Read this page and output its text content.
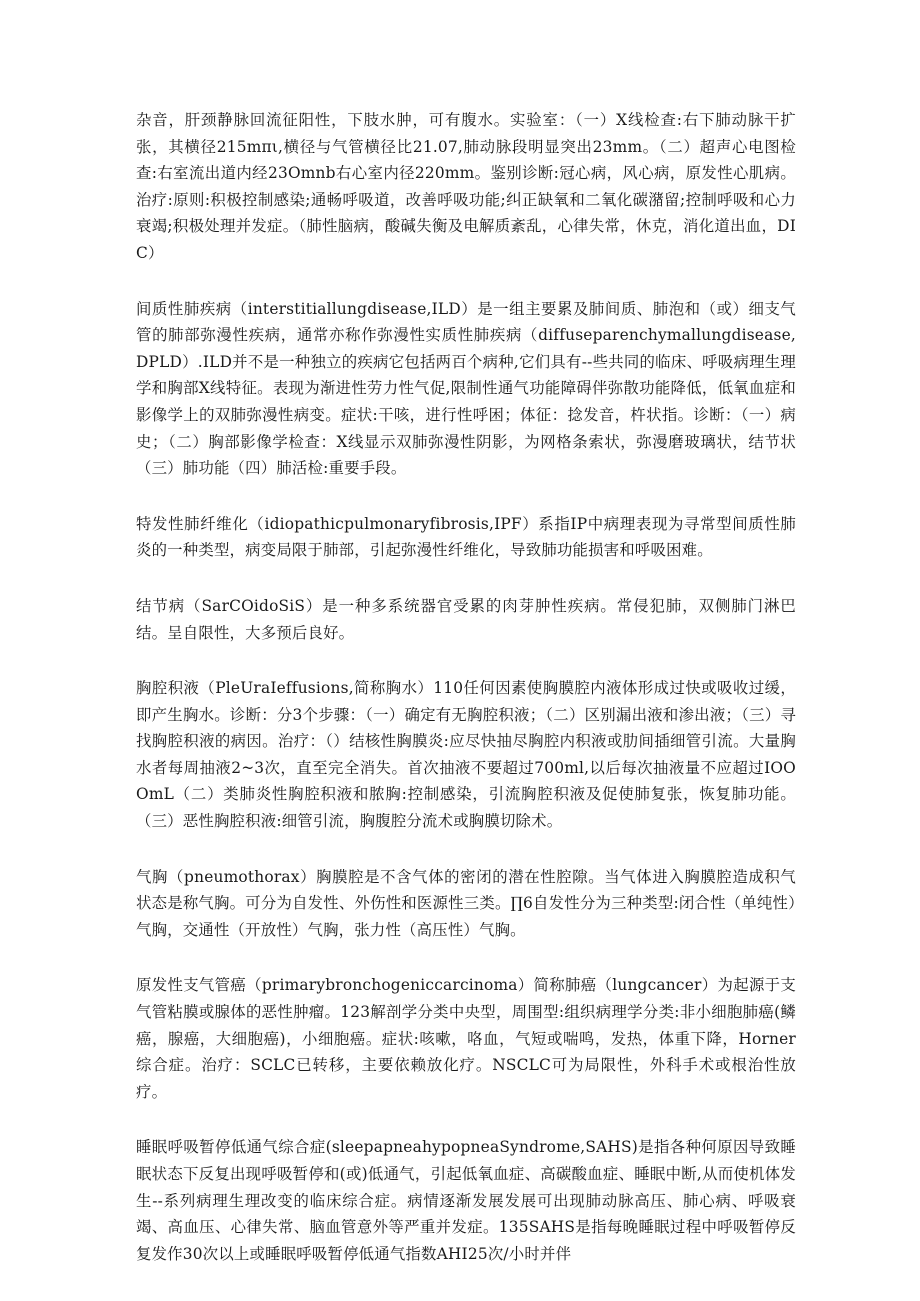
杂音，肝颈静脉回流征阳性，下肢水肿，可有腹水。实验室：（一）X线检查:右下肺动脉干扩张，其横径215mπι,横径与气管横径比21.07,肺动脉段明显突出23mm。（二）超声心电图检查:右室流出道内经23Omnb右心室内径220mm。鉴别诊断:冠心病，风心病，原发性心肌病。治疗:原则:积极控制感染;通畅呼吸道，改善呼吸功能;纠正缺氧和二氧化碳潴留;控制呼吸和心力衰竭;积极处理并发症。（肺性脑病，酸碱失衡及电解质紊乱，心律失常，休克，消化道出血，DIC）

间质性肺疾病（interstitiallungdisease,ILD）是一组主要累及肺间质、肺泡和（或）细支气管的肺部弥漫性疾病，通常亦称作弥漫性实质性肺疾病（diffuseparenchymallungdisease,DPLD）.ILD并不是一种独立的疾病它包括两百个病种,它们具有--些共同的临床、呼吸病理生理学和胸部X线特征。表现为渐进性劳力性气促,限制性通气功能障碍伴弥散功能降低，低氧血症和影像学上的双肺弥漫性病变。症状:干咳，进行性呼困；体征：捻发音，杵状指。诊断：（一）病史；（二）胸部影像学检查：X线显示双肺弥漫性阴影，为网格条索状，弥漫磨玻璃状，结节状（三）肺功能（四）肺活检:重要手段。

特发性肺纤维化（idiopathicpulmonaryfibrosis,IPF）系指IP中病理表现为寻常型间质性肺炎的一种类型，病变局限于肺部，引起弥漫性纤维化，导致肺功能损害和呼吸困难。

结节病（SarCOidoSiS）是一种多系统器官受累的肉芽肿性疾病。常侵犯肺，双侧肺门淋巴结。呈自限性，大多预后良好。

胸腔积液（PleUraIeffusions,简称胸水）110任何因素使胸膜腔内液体形成过快或吸收过缓，即产生胸水。诊断：分3个步骤：（一）确定有无胸腔积液；（二）区别漏出液和渗出液；（三）寻找胸腔积液的病因。治疗：（）结核性胸膜炎:应尽快抽尽胸腔内积液或肋间插细管引流。大量胸水者每周抽液2~3次，直至完全消失。首次抽液不要超过700ml,以后每次抽液量不应超过IOOOmL（二）类肺炎性胸腔积液和脓胸:控制感染，引流胸腔积液及促使肺复张，恢复肺功能。（三）恶性胸腔积液:细管引流，胸腹腔分流术或胸膜切除术。

气胸（pneumothorax）胸膜腔是不含气体的密闭的潜在性腔隙。当气体进入胸膜腔造成积气状态是称气胸。可分为自发性、外伤性和医源性三类。∏6自发性分为三种类型:闭合性（单纯性）气胸，交通性（开放性）气胸，张力性（高压性）气胸。

原发性支气管癌（primarybronchogeniccarcinoma）简称肺癌（lungcancer）为起源于支气管粘膜或腺体的恶性肿瘤。123解剖学分类中央型，周围型:组织病理学分类:非小细胞肺癌(鳞癌，腺癌，大细胞癌)，小细胞癌。症状:咳嗽，咯血，气短或喘鸣，发热，体重下降，Horner综合症。治疗：SCLC已转移，主要依赖放化疗。NSCLC可为局限性，外科手术或根治性放疗。

睡眠呼吸暂停低通气综合症(sleepapneahypopneaSyndrome,SAHS)是指各种何原因导致睡眠状态下反复出现呼吸暂停和(或)低通气，引起低氧血症、高碳酸血症、睡眠中断,从而使机体发生--系列病理生理改变的临床综合症。病情逐渐发展发展可出现肺动脉高压、肺心病、呼吸衰竭、高血压、心律失常、脑血管意外等严重并发症。135SAHS是指每晚睡眠过程中呼吸暂停反复发作30次以上或睡眠呼吸暂停低通气指数AHI25次/小时并伴
